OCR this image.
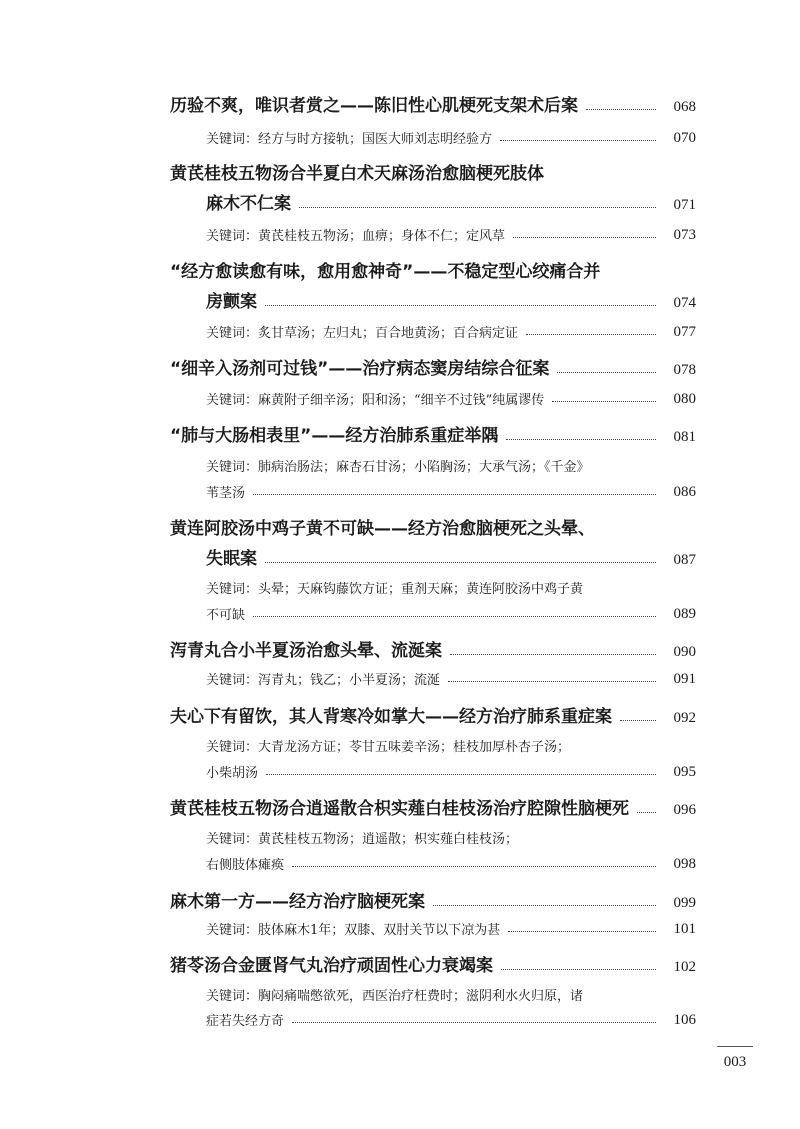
历验不爽，唯识者赏之——陈旧性心肌梗死支架术后案	068
关键词：经方与时方接轨；国医大师刘志明经验方	070
黄芪桂枝五物汤合半夏白术天麻汤治愈脑梗死肢体
麻木不仁案	071
关键词：黄芪桂枝五物汤；血痹；身体不仁；定风草	073
“经方愈读愈有味，愈用愈神奇”——不稳定型心绞痛合并
房颤案	074
关键词：炙甘草汤；左归丸；百合地黄汤；百合病定证	077
“细辛入汤剂可过钱”——治疗病态窦房结综合征案	078
关键词：麻黄附子细辛汤；阳和汤；“细辛不过钱”纯属谬传	080
“肺与大肠相表里”——经方治肺系重症举隅	081
关键词：肺病治肠法；麻杏石甘汤；小陷胸汤；大承气汤；《千金》
苇茎汤	086
黄连阿胶汤中鸡子黄不可缺——经方治愈脑梗死之头晕、
失眠案	087
关键词：头晕；天麻钩藤饮方证；重剂天麻；黄连阿胶汤中鸡子黄
不可缺	089
泻青丸合小半夏汤治愈头晕、流涎案	090
关键词：泻青丸；钱乙；小半夏汤；流涎	091
夫心下有留饮，其人背寒冷如掌大——经方治疗肺系重症案	092
关键词：大青龙汤方证；苓甘五味姜辛汤；桂枝加厚朴杏子汤；
小柴胡汤	095
黄芪桂枝五物汤合逍遥散合枳实薤白桂枝汤治疗腔隙性脑梗死	096
关键词：黄芪桂枝五物汤；逍遥散；枳实薤白桂枝汤；
右侧肢体瘫痪	098
麻木第一方——经方治疗脑梗死案	099
关键词：肢体麻木1年；双膝、双肘关节以下凉为甚	101
猪苓汤合金匮肾气丸治疗顽固性心力衰竭案	102
关键词：胸闷痛喘憋欲死，西医治疗枉费时；滋阴利水火归原，诸
症若失经方奇	106
003
